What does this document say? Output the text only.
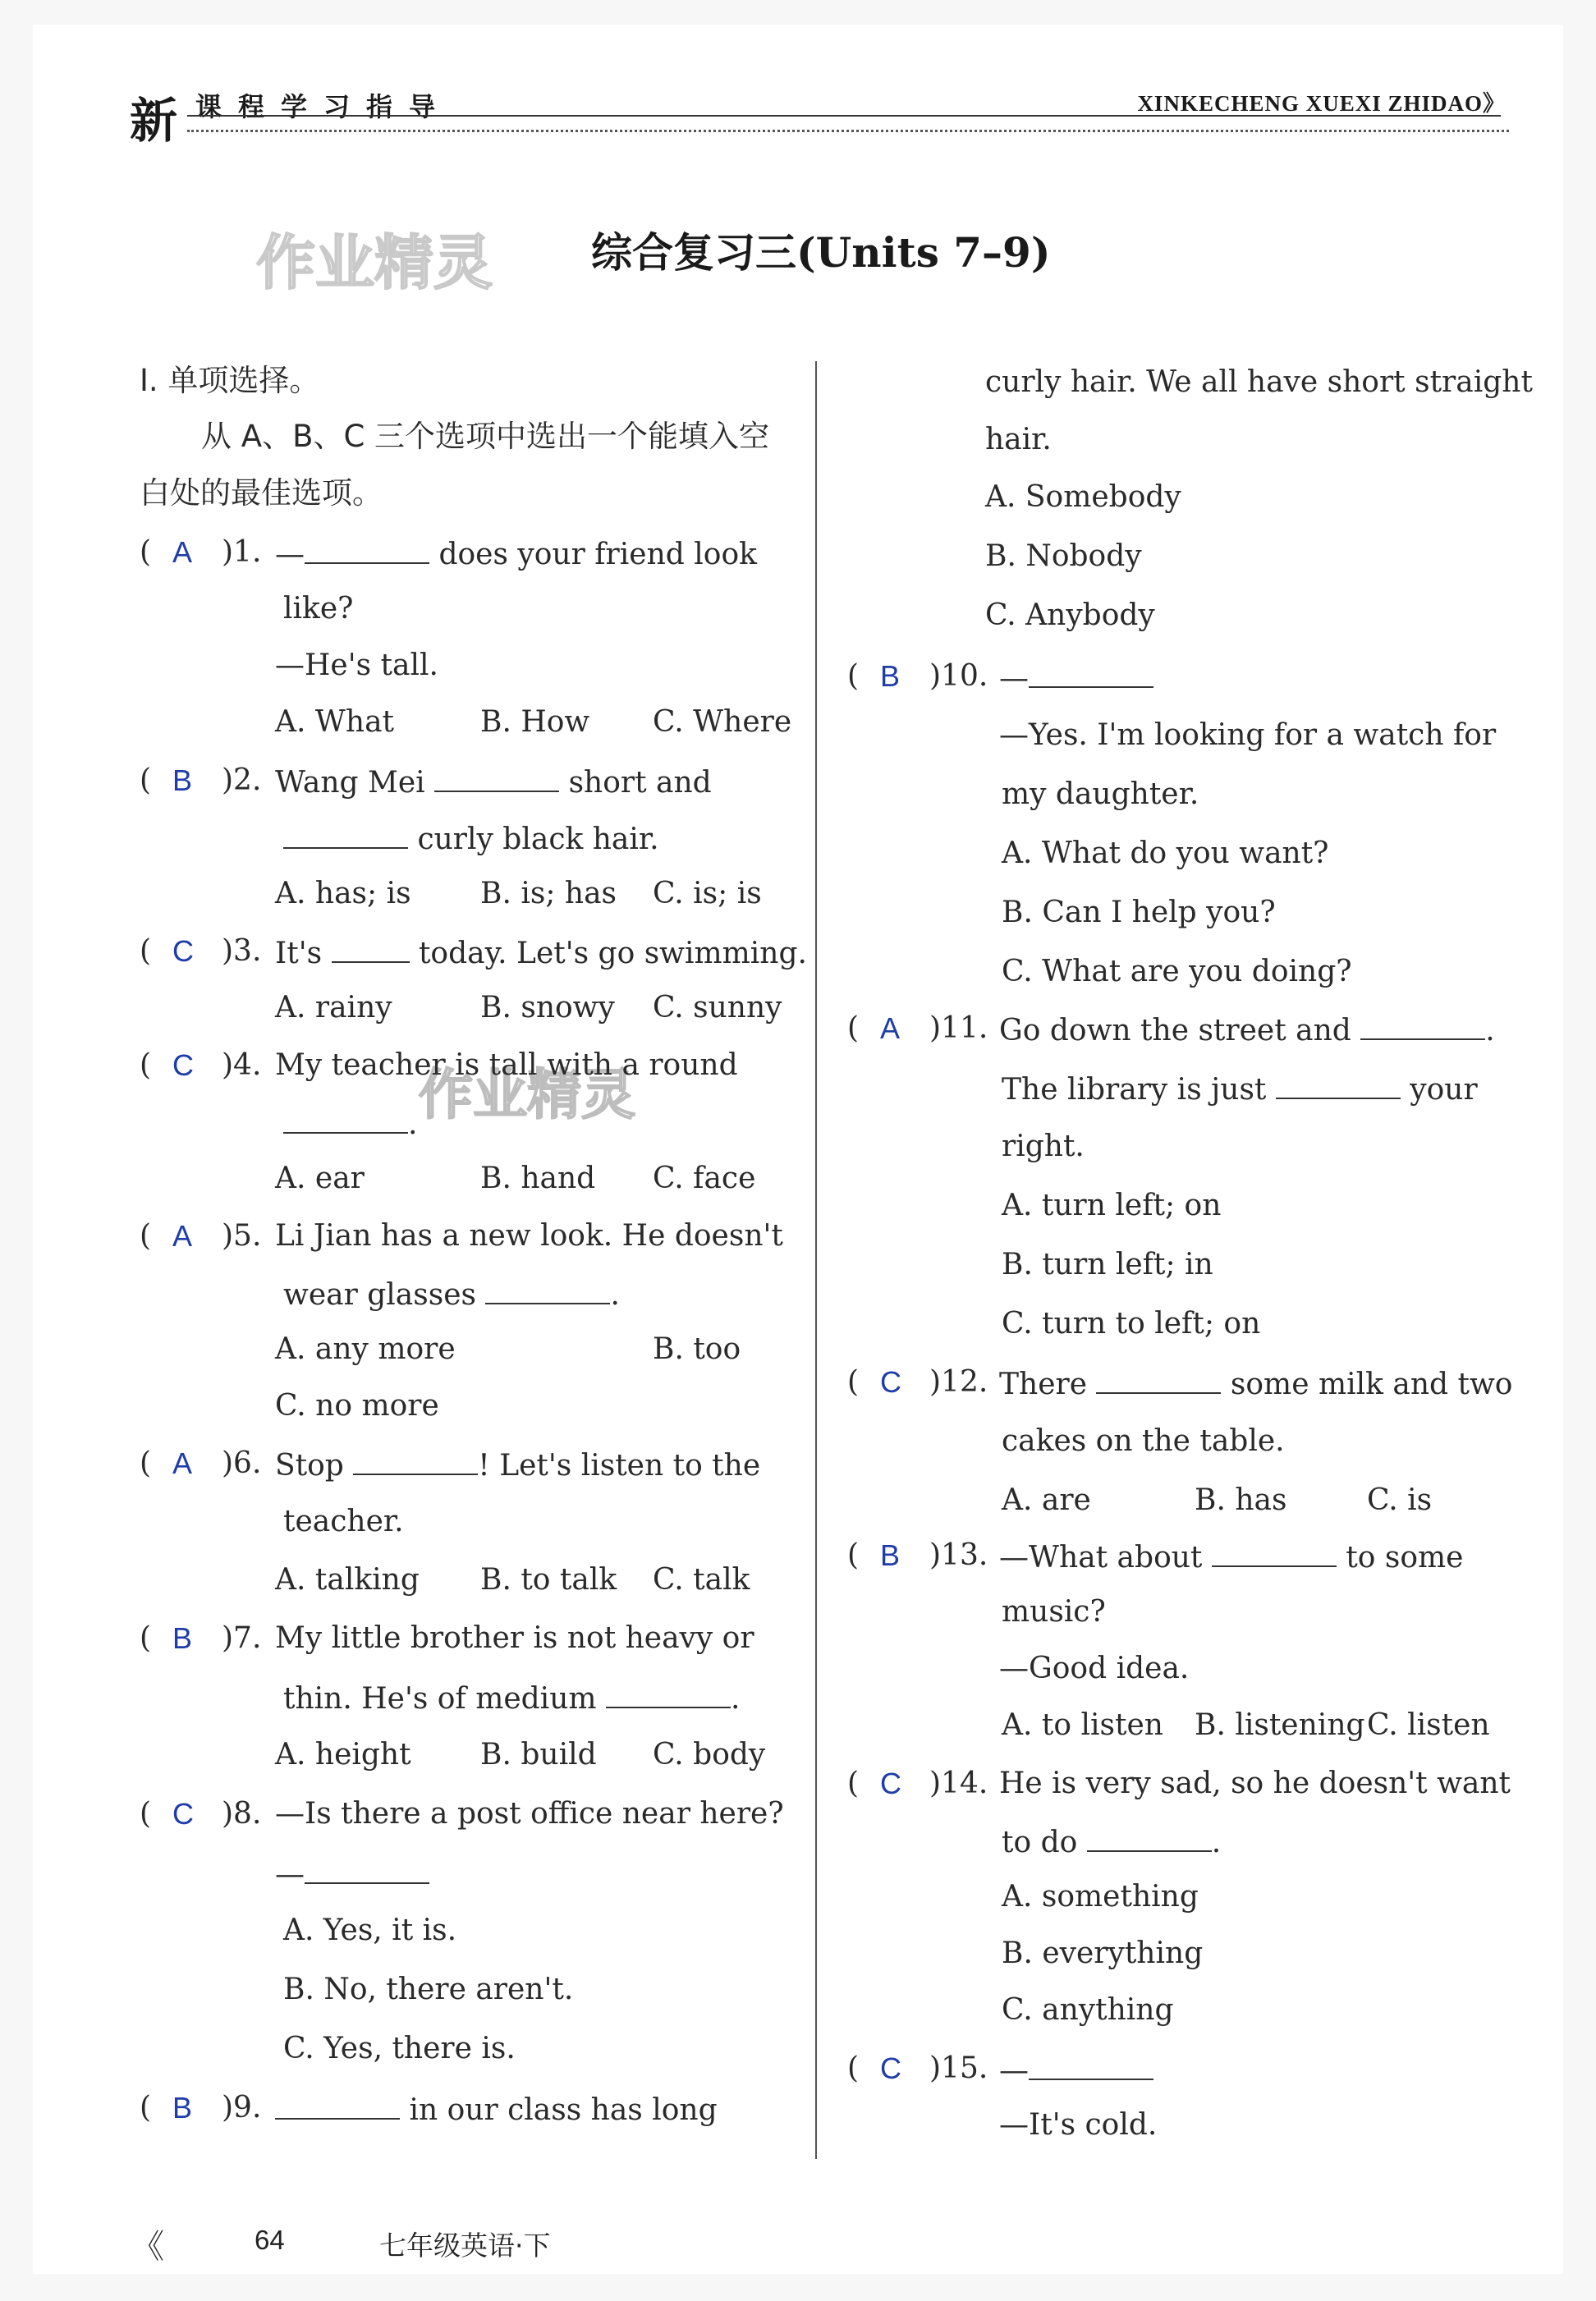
新 课程学习指导	XINKECHENG XUEXI ZHIDAO》
作业精灵
作业精灵
综合复习三(Units 7–9)
Ⅰ. 单项选择。
从 A、B、C 三个选项中选出一个能填入空
白处的最佳选项。
( A )1. —	does your friend look
like?
—He's tall.
A. What	B. How C. Where
( B )2. Wang Mei	short and
curly black hair.
A. has; is B. is; has C. is; is
( C )3. It's	today. Let's go swimming.
A. rainy	B. snowy C. sunny
( C )4. My teacher is tall with a round
.
A. ear	B. hand C. face
( A )5. Li Jian has a new look. He doesn't
wear glasses	.
A. any more	B. too
C. no more
( A )6. Stop	! Let's listen to the
teacher.
A. talking B. to talk C. talk
( B )7. My little brother is not heavy or
thin. He's of medium	.
A. height B. build C. body
( C )8. —Is there a post office near here?
—
A. Yes, it is.
B. No, there aren't.
C. Yes, there is.
( B )9.	in our class has long
curly hair. We all have short straight
hair.
A. Somebody
B. Nobody
C. Anybody
( B )10. —
—Yes. I'm looking for a watch for
my daughter.
A. What do you want?
B. Can I help you?
C. What are you doing?
( A )11. Go down the street and	.
The library is just	your
right.
A. turn left; on
B. turn left; in
C. turn to left; on
( C )12. There	some milk and two
cakes on the table.
A. are	B. has	C. is
( B )13. —What about	to some
music?
—Good idea.
A. to listen B. listening C. listen
( C )14. He is very sad, so he doesn't want
to do	.
A. something
B. everything
C. anything
( C )15. —
—It's cold.
《	64	七年级英语·下
